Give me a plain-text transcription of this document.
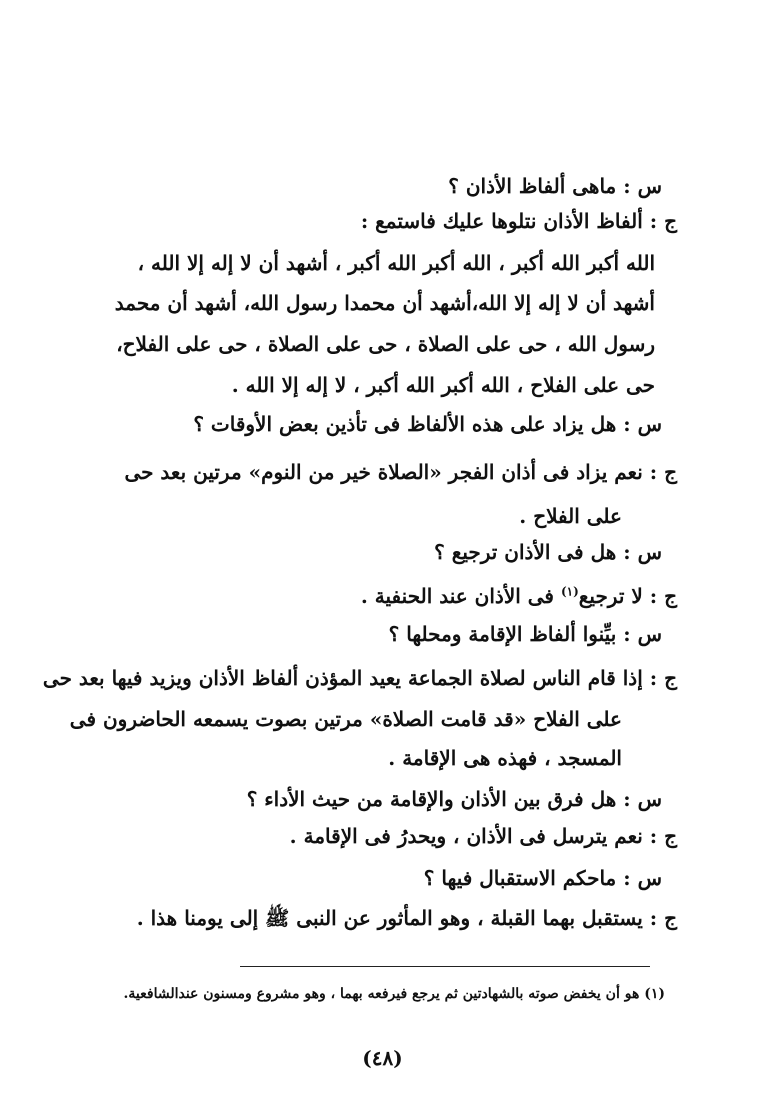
س : ماهى ألفاظ الأذان ؟
ج : ألفاظ الأذان نتلوها عليك فاستمع :
الله أكبر الله أكبر ، الله أكبر الله أكبر ، أشهد أن لا إله إلا الله ،
أشهد أن لا إله إلا الله،أشهد أن محمدا رسول الله، أشهد أن محمد
رسول الله ، حى على الصلاة ، حى على الصلاة ، حى على الفلاح،
حى على الفلاح ، الله أكبر الله أكبر ، لا إله إلا الله .
س : هل يزاد على هذه الألفاظ فى تأذين بعض الأوقات ؟
ج : نعم يزاد فى أذان الفجر «الصلاة خير من النوم» مرتين بعد حى
على الفلاح .
س : هل فى الأذان ترجيع ؟
ج : لا ترجيع$^{(١)}$ فى الأذان عند الحنفية .
س : بيِّنوا ألفاظ الإقامة ومحلها ؟
ج : إذا قام الناس لصلاة الجماعة يعيد المؤذن ألفاظ الأذان ويزيد فيها بعد حى
على الفلاح «قد قامت الصلاة» مرتين بصوت يسمعه الحاضرون فى
المسجد ، فهذه هى الإقامة .
س : هل فرق بين الأذان والإقامة من حيث الأداء ؟
ج : نعم يترسل فى الأذان ، ويحدرُ فى الإقامة .
س : ماحكم الاستقبال فيها ؟
ج : يستقبل بهما القبلة ، وهو المأثور عن النبى ﷺ إلى يومنا هذا .
(١) هو أن يخفض صوته بالشهادتين ثم يرجع فيرفعه بهما ، وهو مشروع ومسنون عندالشافعية.
(٤٨)
